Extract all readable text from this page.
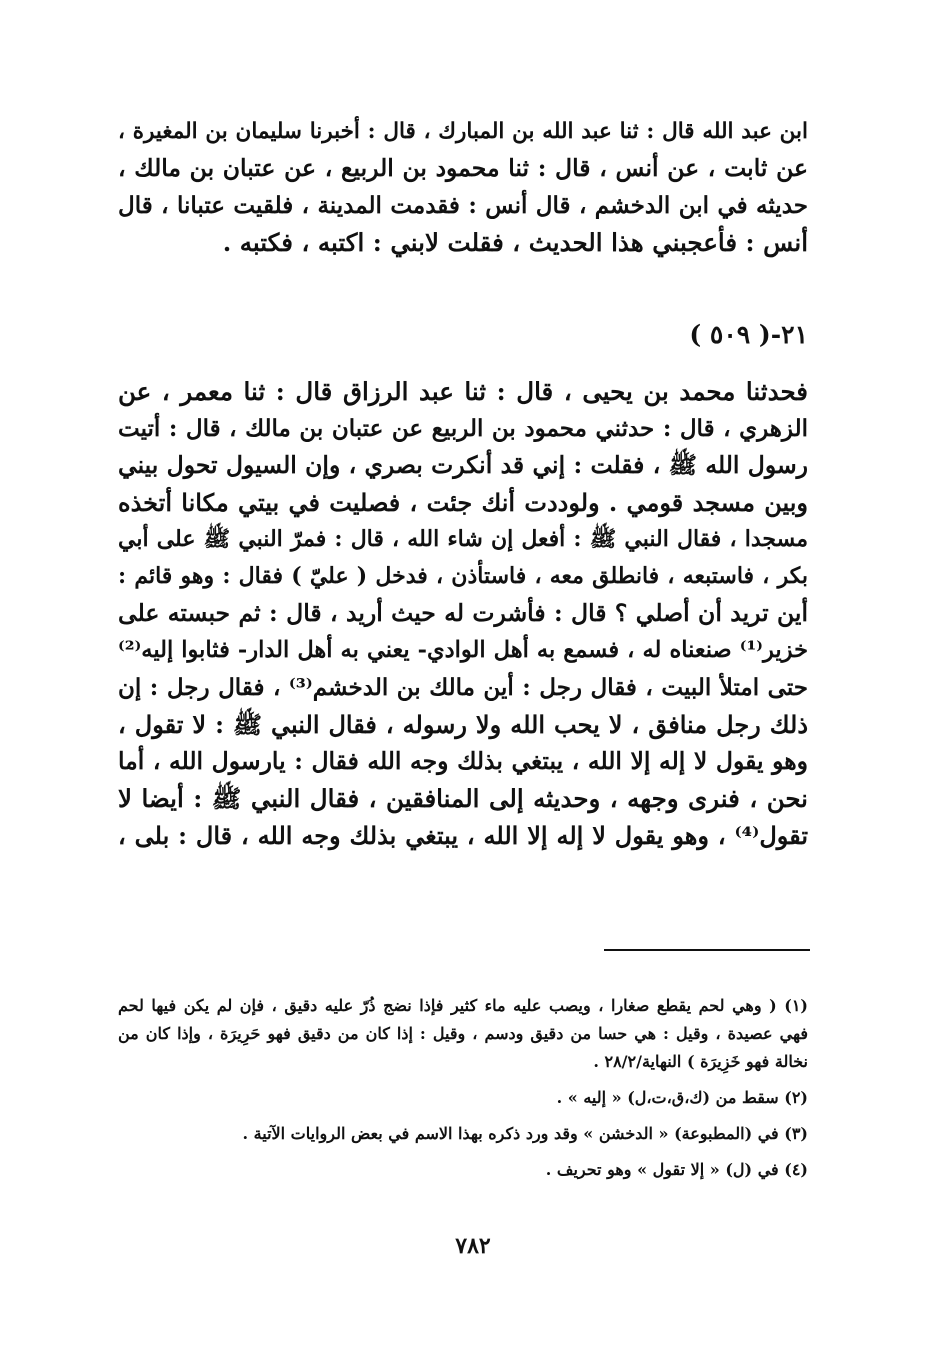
ابن عبد الله قال : ثنا عبد الله بن المبارك ، قال : أخبرنا سليمان بن المغيرة ،
عن ثابت ، عن أنس ، قال : ثنا محمود بن الربيع ، عن عتبان بن مالك ،
حديثه في ابن الدخشم ، قال أنس : فقدمت المدينة ، فلقيت عتبانا ، قال
أنس : فأعجبني هذا الحديث ، فقلت لابني : اكتبه ، فكتبه .
٢١-( ٥٠٩ )
فحدثنا محمد بن يحيى ، قال : ثنا عبد الرزاق قال : ثنا معمر ، عن
الزهري ، قال : حدثني محمود بن الربيع عن عتبان بن مالك ، قال : أتيت
رسول الله ﷺ ، فقلت : إني قد أنكرت بصري ، وإن السيول تحول بيني
وبين مسجد قومي . ولوددت أنك جئت ، فصليت في بيتي مكانا أتخذه
مسجدا ، فقال النبي ﷺ : أفعل إن شاء الله ، قال : فمرّ النبي ﷺ على أبي
بكر ، فاستبعه ، فانطلق معه ، فاستأذن ، فدخل ( عليّ ) فقال : وهو قائم :
أين تريد أن أصلي ؟ قال : فأشرت له حيث أريد ، قال : ثم حبسته على
خزير⁽¹⁾ صنعناه له ، فسمع به أهل الوادي- يعني به أهل الدار- فثابوا إليه⁽²⁾
حتى امتلأ البيت ، فقال رجل : أين مالك بن الدخشم⁽³⁾ ، فقال رجل : إن
ذلك رجل منافق ، لا يحب الله ولا رسوله ، فقال النبي ﷺ : لا تقول ،
وهو يقول لا إله إلا الله ، يبتغي بذلك وجه الله فقال : يارسول الله ، أما
نحن ، فنرى وجهه ، وحديثه إلى المنافقين ، فقال النبي ﷺ : أيضا لا
تقول⁽⁴⁾ ، وهو يقول لا إله إلا الله ، يبتغي بذلك وجه الله ، قال : بلى ،
(١) ( وهي لحم يقطع صغارا ، ويصب عليه ماء كثير فإذا نضج ذُرّ عليه دقيق ، فإن لم يكن فيها لحم
فهي عصيدة ، وقيل : هي حسا من دقيق ودسم ، وقيل : إذا كان من دقيق فهو حَرِيرَة ، وإذا كان من
نخالة فهو خَزِيرَة ) النهاية/٢٨/٢ .
(٢) سقط من (ك،ق،ت،ل) « إليه » .
(٣) في (المطبوعة) « الدخشن » وقد ورد ذكره بهذا الاسم في بعض الروايات الآتية .
(٤) في (ل) « إلا تقول » وهو تحريف .
٧٨٢
